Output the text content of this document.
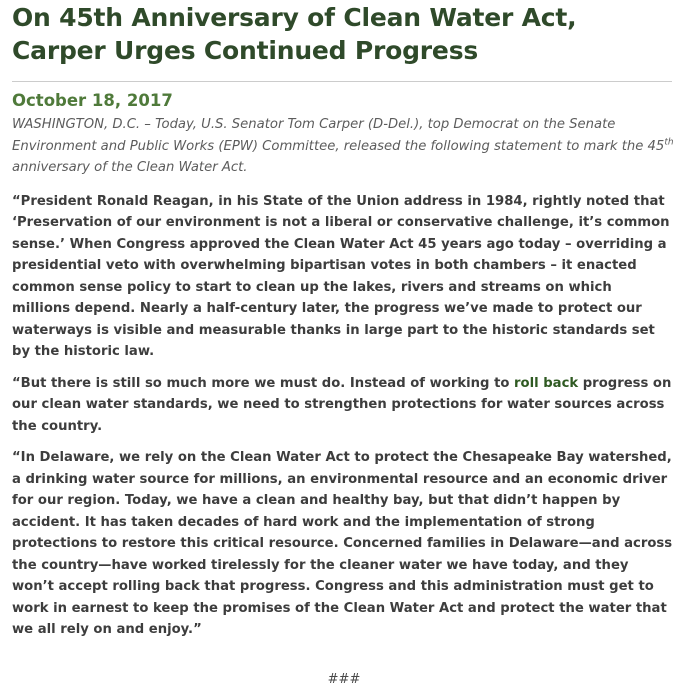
On 45th Anniversary of Clean Water Act,
Carper Urges Continued Progress
October 18, 2017

WASHINGTON, D.C. – Today, U.S. Senator Tom Carper (D-Del.), top Democrat on the Senate Environment and Public Works (EPW) Committee, released the following statement to mark the 45th anniversary of the Clean Water Act.

“President Ronald Reagan, in his State of the Union address in 1984, rightly noted that ‘Preservation of our environment is not a liberal or conservative challenge, it’s common sense.’ When Congress approved the Clean Water Act 45 years ago today – overriding a presidential veto with overwhelming bipartisan votes in both chambers – it enacted common sense policy to start to clean up the lakes, rivers and streams on which millions depend. Nearly a half-century later, the progress we’ve made to protect our waterways is visible and measurable thanks in large part to the historic standards set by the historic law.

“But there is still so much more we must do. Instead of working to roll back progress on our clean water standards, we need to strengthen protections for water sources across the country.

“In Delaware, we rely on the Clean Water Act to protect the Chesapeake Bay watershed, a drinking water source for millions, an environmental resource and an economic driver for our region. Today, we have a clean and healthy bay, but that didn’t happen by accident. It has taken decades of hard work and the implementation of strong protections to restore this critical resource. Concerned families in Delaware—and across the country—have worked tirelessly for the cleaner water we have today, and they won’t accept rolling back that progress. Congress and this administration must get to work in earnest to keep the promises of the Clean Water Act and protect the water that we all rely on and enjoy.”

###
